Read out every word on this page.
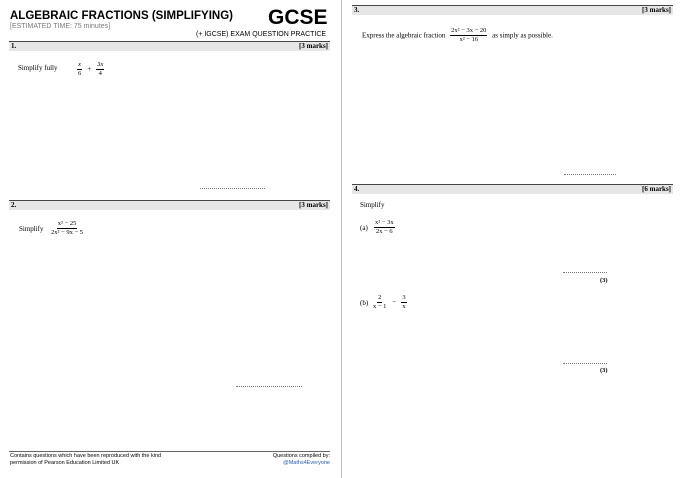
ALGEBRAIC FRACTIONS (SIMPLIFYING)
[ESTIMATED TIME: 75 minutes]	GCSE
(+ IGCSE) EXAM QUESTION PRACTICE
1.	[3 marks]
Simplify fully	$\frac{x}{6} + \frac{3x}{4}$
2.	[3 marks]
Simplify $\frac{\text{x² − 25}}{\text{2x² − 9x − 5}}$
Contains questions which have been reproduced with the kind
permission of Pearson Education Limited UK
Questions compiled by:
@Maths4Everyone
3.	[3 marks]
Express the algebraic fraction $\frac{\text{2x² − 3x − 20}}{\text{x² − 16}}$ as simply as possible.
4.	[6 marks]
Simplify
$(a) \frac{\text{x² − 3x}}{2x - 6}$
(3)
$(b) \frac{2}{x - 1} - \frac{3}{x}$
(3)
